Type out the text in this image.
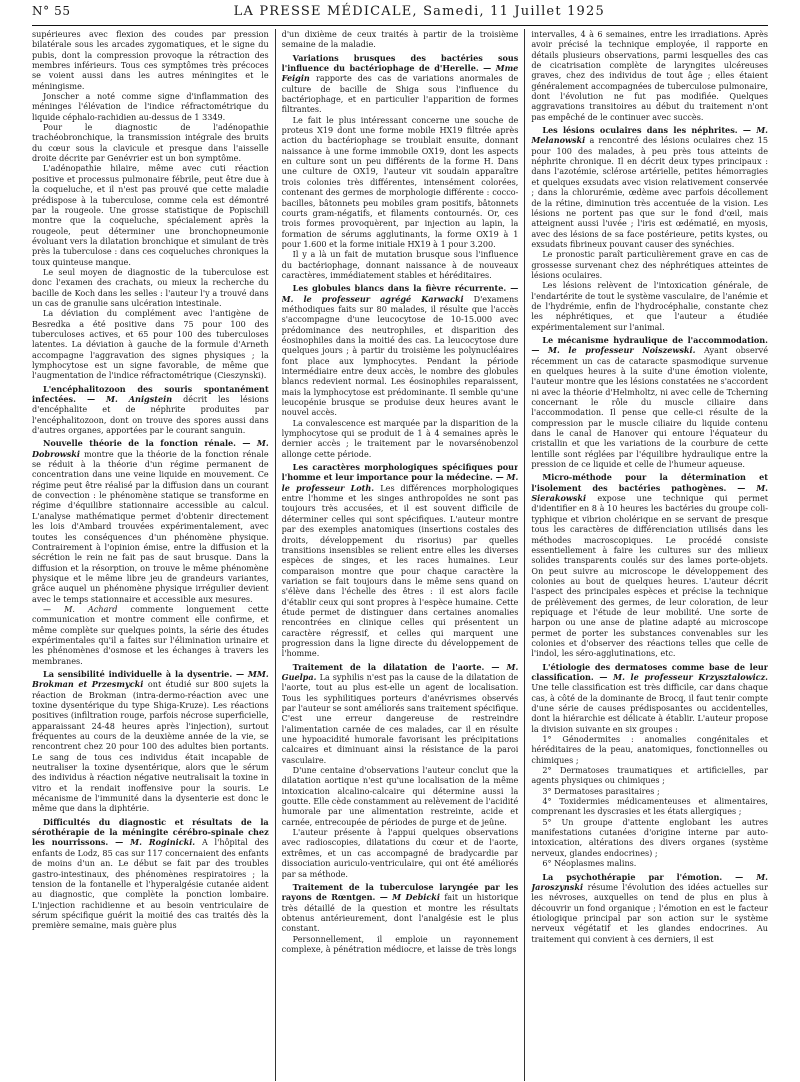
N° 55	LA PRESSE MÉDICALE, Samedi, 11 Juillet 1925

supérieures avec flexion des coudes par pression bilatérale sous les arcades zygomatiques, et le signe du pubis, dont la compression provoque la rétraction des membres inférieurs. Tous ces symptômes très précoces se voient aussi dans les autres méningites et le méningisme.

Jonscher a noté comme signe d'inflammation des méninges l'élévation de l'indice réfractométrique du liquide céphalo-rachidien au-dessus de 1 3349.

Pour le diagnostic de l'adénopathie trachéobronchique, la transmission intégrale des bruits du cœur sous la clavicule et presque dans l'aisselle droite décrite par Genévrier est un bon symptôme.

L'adénopathie hilaire, même avec cuti réaction positive et processus pulmonaire fébrile, peut être due à la coqueluche, et il n'est pas prouvé que cette maladie prédispose à la tuberculose, comme cela est démontré par la rougeole. Une grosse statistique de Popischill montre que la coqueluche, spécialement après la rougeole, peut déterminer une bronchopneumonie évoluant vers la dilatation bronchique et simulant de très près la tuberculose : dans ces coqueluches chroniques la toux quinteuse manque.

Le seul moyen de diagnostic de la tuberculose est donc l'examen des crachats, ou mieux la recherche du bacille de Koch dans les selles : l'auteur l'y a trouvé dans un cas de granulie sans ulcération intestinale.

La déviation du complément avec l'antigène de Besredka a été positive dans 75 pour 100 des tuberculoses actives, et 65 pour 100 des tuberculoses latentes. La déviation à gauche de la formule d'Arneth accompagne l'aggravation des signes physiques ; la lymphocytose est un signe favorable, de même que l'augmentation de l'indice réfractométrique (Cieszynski).

L'encéphalitozoon des souris spontanément infectées. — M. Anigstein décrit les lésions d'encéphalite et de néphrite produites par l'encéphalitozoon, dont on trouve des spores aussi dans d'autres organes, apportées par le courant sanguin.
Nouvelle théorie de la fonction rénale. — M. Dobrowski montre que la théorie de la fonction rénale se réduit à la théorie d'un régime permanent de concentration dans une veine liquide en mouvement. Ce régime peut être réalisé par la diffusion dans un courant de convection : le phénomène statique se transforme en régime d'équilibre stationnaire accessible au calcul. L'analyse mathématique permet d'obtenir directement les lois d'Ambard trouvées expérimentalement, avec toutes les conséquences d'un phénomène physique. Contrairement à l'opinion émise, entre la diffusion et la sécrétion le rein ne fait pas de saut brusque. Dans la diffusion et la résorption, on trouve le même phénomène physique et le même libre jeu de grandeurs variantes, grâce auquel un phénomène physique irrégulier devient avec le temps stationnaire et accessible aux mesures.

— M. Achard commente longuement cette communication et montre comment elle confirme, et même complète sur quelques points, la série des études expérimentales qu'il a faites sur l'élimination urinaire et les phénomènes d'osmose et les échanges à travers les membranes.

La sensibilité individuelle à la dysentrie. — MM. Brokman et Przesmycki ont étudié sur 800 sujets la réaction de Brokman (intra-dermo-réaction avec une toxine dysentérique du type Shiga-Kruze). Les réactions positives (infiltration rouge, parfois nécrose superficielle, apparaissant 24-48 heures après l'injection), surtout fréquentes au cours de la deuxième année de la vie, se rencontrent chez 20 pour 100 des adultes bien portants. Le sang de tous ces individus était incapable de neutraliser la toxine dysentérique, alors que le sérum des individus à réaction négative neutralisait la toxine in vitro et la rendait inoffensive pour la souris. Le mécanisme de l'immunité dans la dysenterie est donc le même que dans la diphtérie.
Difficultés du diagnostic et résultats de la sérothérapie de la méningite cérébro-spinale chez les nourrissons. — M. Roginicki. A l'hôpital des enfants de Lodz, 85 cas sur 117 concernaient des enfants de moins d'un an. Le début se fait par des troubles gastro-intestinaux, des phénomènes respiratoires ; la tension de la fontanelle et l'hyperalgésie cutanée aident au diagnostic, que complète la ponction lombaire. L'injection rachidienne et au besoin ventriculaire de sérum spécifique guérit la moitié des cas traités dès la première semaine, mais guère plus

d'un dixième de ceux traités à partir de la troisième semaine de la maladie.

Variations brusques des bactéries sous l'influence du bactériophage de d'Herelle. — Mme Feigin rapporte des cas de variations anormales de culture de bacille de Shiga sous l'influence du bactériophage, et en particulier l'apparition de formes filtrantes.

Le fait le plus intéressant concerne une souche de proteus X19 dont une forme mobile HX19 filtrée après action du bactériophage se troublait ensuite, donnant naissance à une forme immobile OX19, dont les aspects en culture sont un peu différents de la forme H. Dans une culture de OX19, l'auteur vit soudain apparaître trois colonies très différentes, intensément colorées, contenant des germes de morphologie différente : cocco-bacilles, bâtonnets peu mobiles gram positifs, bâtonnets courts gram-négatifs, et filaments contournés. Or, ces trois formes provoquèrent, par injection au lapin, la formation de sérums agglutinants, la forme OX19 à 1 pour 1.600 et la forme initiale HX19 à 1 pour 3.200.

Il y a là un fait de mutation brusque sous l'influence du bactériophage, donnant naissance à de nouveaux caractères, immédiatement stables et héréditaires.

Les globules blancs dans la fièvre récurrente. — M. le professeur agrégé Karwacki D'examens méthodiques faits sur 80 malades, il résulte que l'accès s'accompagne d'une leucocytose de 10-15.000 avec prédominance des neutrophiles, et disparition des éosinophiles dans la moitié des cas. La leucocytose dure quelques jours ; à partir du troisième les polynucléaires font place aux lymphocytes. Pendant la période intermédiaire entre deux accès, le nombre des globules blancs redevient normal. Les éosinophiles reparaissent, mais la lymphocytose est prédominante. Il semble qu'une leucopénie brusque se produise deux heures avant le nouvel accès.

La convalescence est marquée par la disparition de la lymphocytose qui se produit de 1 à 4 semaines après le dernier accès ; le traitement par le novarsénobenzol allonge cette période.

Les caractères morphologiques spécifiques pour l'homme et leur importance pour la médecine. — M. le professeur Loth. Les différences morphologiques entre l'homme et les singes anthropoïdes ne sont pas toujours très accusées, et il est souvent difficile de déterminer celles qui sont spécifiques. L'auteur montre par des exemples anatomiques (insertions costales des droits, développement du risorius) par quelles transitions insensibles se relient entre elles les diverses espèces de singes, et les races humaines. Leur comparaison montre que pour chaque caractère la variation se fait toujours dans le même sens quand on s'élève dans l'échelle des êtres : il est alors facile d'établir ceux qui sont propres à l'espèce humaine. Cette étude permet de distinguer dans certaines anomalies rencontrées en clinique celles qui présentent un caractère régressif, et celles qui marquent une progression dans la ligne directe du développement de l'homme.
Traitement de la dilatation de l'aorte. — M. Guelpa. La syphilis n'est pas la cause de la dilatation de l'aorte, tout au plus est-elle un agent de localisation. Tous les syphilitiques porteurs d'anévrismes observés par l'auteur se sont améliorés sans traitement spécifique. C'est une erreur dangereuse de restreindre l'alimentation carnée de ces malades, car il en résulte une hypoacidité humorale favorisant les précipitations calcaires et diminuant ainsi la résistance de la paroi vasculaire.

D'une centaine d'observations l'auteur conclut que la dilatation aortique n'est qu'une localisation de la même intoxication alcalino-calcaire qui détermine aussi la goutte. Elle cède constamment au relèvement de l'acidité humorale par une alimentation restreinte, acide et carnée, entrecoupée de périodes de purge et de jeûne.

L'auteur présente à l'appui quelques observations avec radioscopies, dilatations du cœur et de l'aorte, extrêmes, et un cas accompagné de bradycardie par dissociation auriculo-ventriculaire, qui ont été améliorés par sa méthode.

Traitement de la tuberculose laryngée par les rayons de Rœntgen. — M Debicki fait un historique très détaillé de la question et montre les résultats obtenus antérieurement, dont l'analgésie est le plus constant.

Personnellement, il emploie un rayonnement complexe, à pénétration médiocre, et laisse de très longs

intervalles, 4 à 6 semaines, entre les irradiations. Après avoir précisé la technique employée, il rapporte en détails plusieurs observations, parmi lesquelles des cas de cicatrisation complète de laryngites ulcéreuses graves, chez des individus de tout âge ; elles étaient généralement accompagnées de tuberculose pulmonaire, dont l'évolution ne fut pas modifiée. Quelques aggravations transitoires au début du traitement n'ont pas empêché de le continuer avec succès.

Les lésions oculaires dans les néphrites. — M. Melanowski a rencontré des lésions oculaires chez 15 pour 100 des malades, à peu près tous atteints de néphrite chronique. Il en décrit deux types principaux : dans l'azotémie, sclérose artérielle, petites hémorragies et quelques exsudats avec vision relativement conservée ; dans la chlorurémie, œdème avec parfois décollement de la rétine, diminution très accentuée de la vision. Les lésions ne portent pas que sur le fond d'œil, mais atteignent aussi l'uvée ; l'iris est œdématié, en myosis, avec des lésions de sa face postérieure, petits kystes, ou exsudats fibrineux pouvant causer des synéchies.

Le pronostic paraît particulièrement grave en cas de grossesse survenant chez des néphrétiques atteintes de lésions oculaires.

Les lésions relèvent de l'intoxication générale, de l'endartérite de tout le système vasculaire, de l'anémie et de l'hydrémie, enfin de l'hydrocéphalie, constante chez les néphrétiques, et que l'auteur a étudiée expérimentalement sur l'animal.

Le mécanisme hydraulique de l'accommodation. — M. le professeur Noiszewski. Ayant observé récemment un cas de cataracte spasmodique survenue en quelques heures à la suite d'une émotion violente, l'auteur montre que les lésions constatées ne s'accordent ni avec la théorie d'Helmholtz, ni avec celle de Tcherning concernant le rôle du muscle ciliaire dans l'accommodation. Il pense que celle-ci résulte de la compression par le muscle ciliaire du liquide contenu dans le canal de Hanover qui entoure l'équateur du cristallin et que les variations de la courbure de cette lentille sont réglées par l'équilibre hydraulique entre la pression de ce liquide et celle de l'humeur aqueuse.
Micro-méthode pour la détermination et l'isolement des bactéries pathogènes. — M. Sierakowski expose une technique qui permet d'identifier en 8 à 10 heures les bactéries du groupe coli-typhique et vibrion cholérique en se servant de presque tous les caractères de différenciation utilisés dans les méthodes macroscopiques. Le procédé consiste essentiellement à faire les cultures sur des milieux solides transparents coulés sur des lames porte-objets. On peut suivre au microscope le développement des colonies au bout de quelques heures. L'auteur décrit l'aspect des principales espèces et précise la technique de prélèvement des germes, de leur coloration, de leur repiquage et l'étude de leur mobilité. Une sorte de harpon ou une anse de platine adapté au microscope permet de porter les substances convenables sur les colonies et d'observer des réactions telles que celle de l'indol, les séro-agglutinations, etc.
L'étiologie des dermatoses comme base de leur classification. — M. le professeur Krzysztalowicz. Une telle classification est très difficile, car dans chaque cas, à côté de la dominante de Brocq, il faut tenir compte d'une série de causes prédisposantes ou accidentelles, dont la hiérarchie est délicate à établir. L'auteur propose la division suivante en six groupes :
1° Génodermites : anomalies congénitales et héréditaires de la peau, anatomiques, fonctionnelles ou chimiques ;
2° Dermatoses traumatiques et artificielles, par agents physiques ou chimiques ;
3° Dermatoses parasitaires ;
4° Toxidermies médicamenteuses et alimentaires, comprenant les dyscrasies et les états allergiques ;
5° Un groupe d'attente englobant les autres manifestations cutanées d'origine interne par auto-intoxication, altérations des divers organes (système nerveux, glandes endocrines) ;
6° Néoplasmes malins.
La psychothérapie par l'émotion. — M. Jaroszynski résume l'évolution des idées actuelles sur les névroses, auxquelles on tend de plus en plus à découvrir un fond organique ; l'émotion en est le facteur étiologique principal par son action sur le système nerveux végétatif et les glandes endocrines. Au traitement qui convient à ces derniers, il est
